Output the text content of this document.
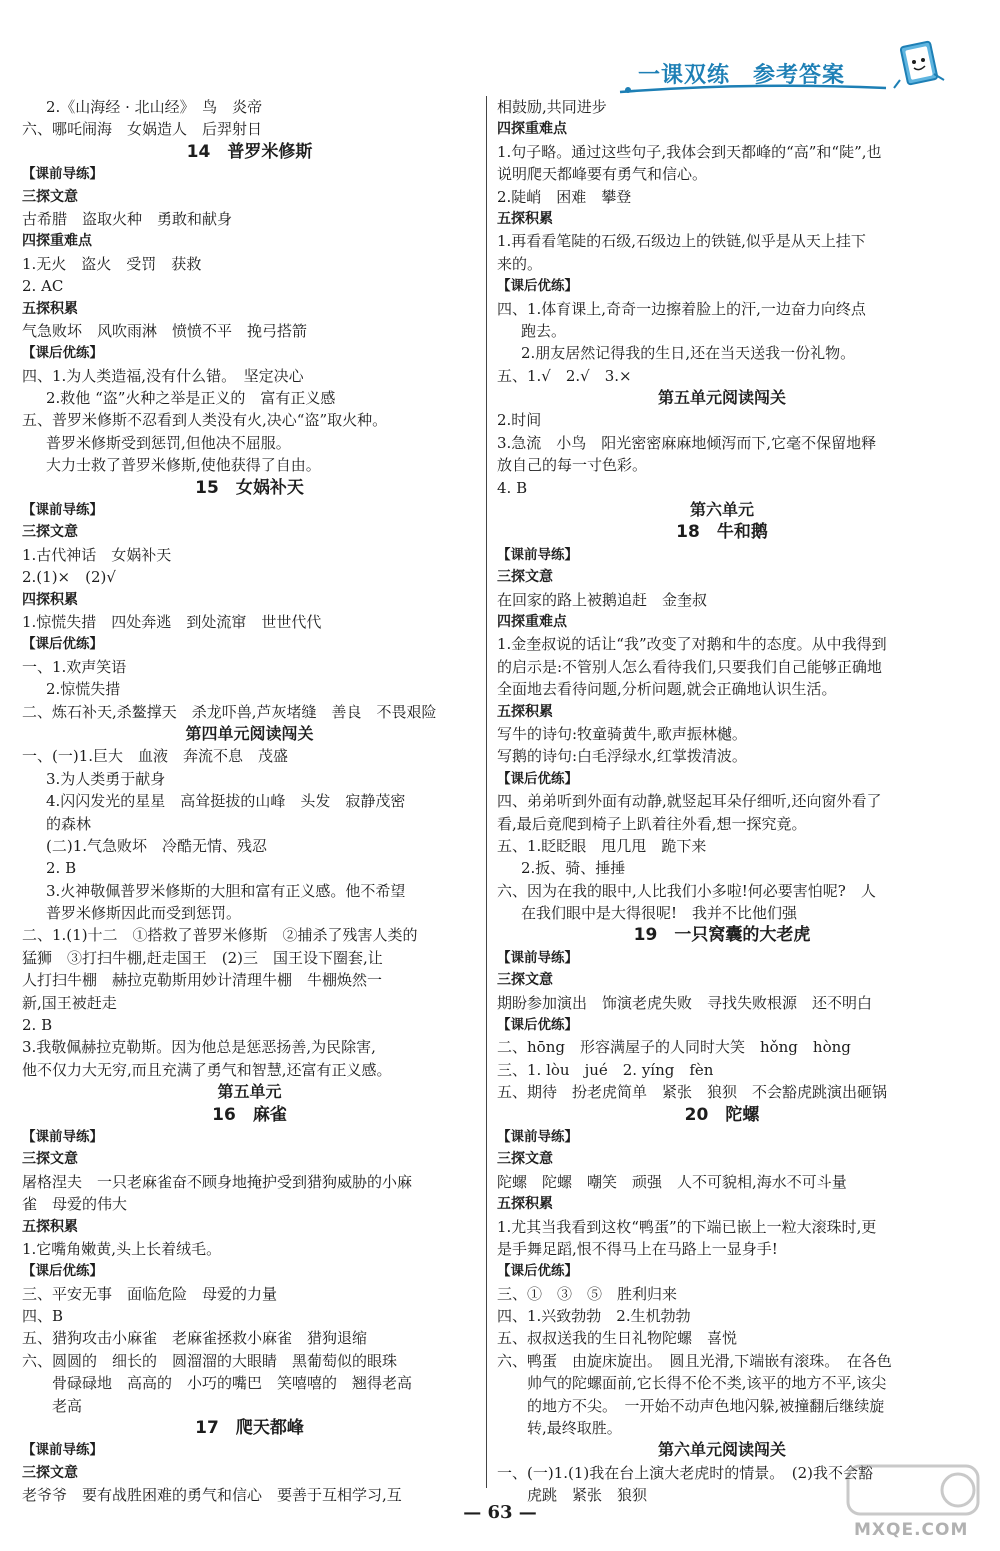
一课双练　参考答案
2.《山海经 · 北山经》　鸟　炎帝
六、哪吒闹海　女娲造人　后羿射日
14　普罗米修斯
【课前导练】
三探文意
古希腊　盗取火种　勇敢和献身
四探重难点
1.无火　盗火　受罚　获救
2. AC
五探积累
气急败坏　风吹雨淋　愤愤不平　挽弓搭箭
【课后优练】
四、1.为人类造福,没有什么错。　坚定决心
2.救他 “盗”火种之举是正义的　富有正义感
五、普罗米修斯不忍看到人类没有火,决心“盗”取火种。
普罗米修斯受到惩罚,但他决不屈服。
大力士救了普罗米修斯,使他获得了自由。
15　女娲补天
【课前导练】
三探文意
1.古代神话　女娲补天
2.(1)×　(2)√
四探积累
1.惊慌失措　四处奔逃　到处流窜　世世代代
【课后优练】
一、1.欢声笑语
2.惊慌失措
二、炼石补天,杀鳌撑天　杀龙吓兽,芦灰堵缝　善良　不畏艰险
第四单元阅读闯关
一、(一)1.巨大　血液　奔流不息　茂盛
3.为人类勇于献身
4.闪闪发光的星星　高耸挺拔的山峰　头发　寂静茂密
的森林
(二)1.气急败坏　冷酷无情、残忍
2. B
3.火神敬佩普罗米修斯的大胆和富有正义感。他不希望
普罗米修斯因此而受到惩罚。
二、1.(1)十二　①搭救了普罗米修斯　②捕杀了残害人类的
猛狮　③打扫牛棚,赶走国王　(2)三　国王设下圈套,让
人打扫牛棚　赫拉克勒斯用妙计清理牛棚　牛棚焕然一
新,国王被赶走
2. B
3.我敬佩赫拉克勒斯。因为他总是惩恶扬善,为民除害,
他不仅力大无穷,而且充满了勇气和智慧,还富有正义感。
第五单元
16　麻雀
【课前导练】
三探文意
屠格涅夫　一只老麻雀奋不顾身地掩护受到猎狗威胁的小麻
雀　母爱的伟大
五探积累
1.它嘴角嫩黄,头上长着绒毛。
【课后优练】
三、平安无事　面临危险　母爱的力量
四、B
五、猎狗攻击小麻雀　老麻雀拯救小麻雀　猎狗退缩
六、圆圆的　细长的　圆溜溜的大眼睛　黑葡萄似的眼珠
骨碌碌地　高高的　小巧的嘴巴　笑嘻嘻的　翘得老高
老高
17　爬天都峰
【课前导练】
三探文意
老爷爷　要有战胜困难的勇气和信心　要善于互相学习,互
相鼓励,共同进步
四探重难点
1.句子略。通过这些句子,我体会到天都峰的“高”和“陡”,也
说明爬天都峰要有勇气和信心。
2.陡峭　困难　攀登
五探积累
1.再看看笔陡的石级,石级边上的铁链,似乎是从天上挂下
来的。
【课后优练】
四、1.体育课上,奇奇一边擦着脸上的汗,一边奋力向终点
跑去。
2.朋友居然记得我的生日,还在当天送我一份礼物。
五、1.√　2.√　3.×
第五单元阅读闯关
2.时间
3.急流　小鸟　阳光密密麻麻地倾泻而下,它毫不保留地释
放自己的每一寸色彩。
4. B
第六单元
18　牛和鹅
【课前导练】
三探文意
在回家的路上被鹅追赶　金奎叔
四探重难点
1.金奎叔说的话让“我”改变了对鹅和牛的态度。从中我得到
的启示是:不管别人怎么看待我们,只要我们自己能够正确地
全面地去看待问题,分析问题,就会正确地认识生活。
五探积累
写牛的诗句:牧童骑黄牛,歌声振林樾。
写鹅的诗句:白毛浮绿水,红掌拨清波。
【课后优练】
四、弟弟听到外面有动静,就竖起耳朵仔细听,还向窗外看了
看,最后竟爬到椅子上趴着往外看,想一探究竟。
五、1.眨眨眼　甩几甩　跪下来
2.扳、骑、捶捶
六、因为在我的眼中,人比我们小多啦!何必要害怕呢?　人
在我们眼中是大得很呢!　我并不比他们强
19　一只窝囊的大老虎
【课前导练】
三探文意
期盼参加演出　饰演老虎失败　寻找失败根源　还不明白
【课后优练】
二、hōng　形容满屋子的人同时大笑　hǒng　hòng
三、1. lòu　jué　2. yíng　fèn
五、期待　扮老虎简单　紧张　狼狈　不会豁虎跳演出砸锅
20　陀螺
【课前导练】
三探文意
陀螺　陀螺　嘲笑　顽强　人不可貌相,海水不可斗量
五探积累
1.尤其当我看到这枚“鸭蛋”的下端已嵌上一粒大滚珠时,更
是手舞足蹈,恨不得马上在马路上一显身手!
【课后优练】
三、①　③　⑤　胜利归来
四、1.兴致勃勃　2.生机勃勃
五、叔叔送我的生日礼物陀螺　喜悦
六、鸭蛋　由旋床旋出。　圆且光滑,下端嵌有滚珠。　在各色
帅气的陀螺面前,它长得不伦不类,该平的地方不平,该尖
的地方不尖。　一开始不动声色地闪躲,被撞翻后继续旋
转,最终取胜。
第六单元阅读闯关
一、(一)1.(1)我在台上演大老虎时的情景。　(2)我不会豁
虎跳　紧张　狼狈
— 63 —
MXQE.COM
